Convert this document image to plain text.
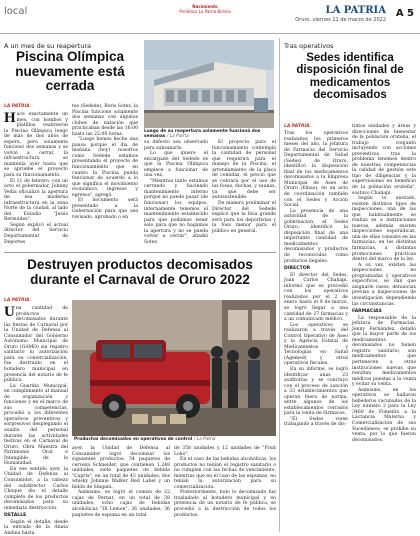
local	Nacimiento
Periódico La Patria Bolivia	LA PATRIA
Oruro, viernes 11 de marzo de 2022
A 5
A un mes de su reapertura
Piscina Olímpica
nuevamente está
cerrada
Luego de su reapertura solamente funcionó dos semanas / La Patria
LA PATRIA

Hace exactamente un mes, con bombos y platillos, reabrieron la Piscina Olímpica luego de más de dos años de espera, pero solamente funcionó dos semanas y se volvió a cerrar, la infraestructura se mantenía ayer hasta que se apruebe el proyecto para su funcionamiento.

El 11 de febrero, con un acto el gobernador, Johnny Vedia oficializó la apertura de esa moderna infraestructura en la zona Norte de la ciudad, al lado del Estadio "Jesús Bermúdez".

Según explicó el actual director del Servicio Departamental de Deportes

tes (Sedede), Boris Sotez, la Piscina funcionó solamente dos semanas con algunos clubes de natación que practicaban desde las 16:00 hasta las 22:00 horas.

"Luego hemos hecho una pausa porque el día de mañana (hoy) nosotros como Sedede estamos presentando el proyecto de funcionamiento que en cuanto la Piscina pueda funcionar de acuerdo a lo que significa el movimiento económico, ingresos y egresos", agregó.

El documento será presentado a la Gobernación para que sea revisado, aprobado o en

su defecto sea observado para subsanarlo.

Lo que quiere el encargado del Sedede es que la Piscina Olímpica empiece a funcionar de una vez.

"Mientras tanto estamos cerrando y haciendo mantenimiento interno porque no puede pasar (de funcionar) los equipos, internamente tenemos el mantenimiento establecido para que podamos tener solo para que no hagamos la apertura y no se pueda volver a cerrar", añadió Sotez.

El proyecto para el funcionamiento contempla la cantidad de personal que requerirá para el manejo de la Piscina, el arrendamiento de la placa de comidas, el precio que se cobrará por el uso de las fosas, duchas, y saunas, ya que debe ser autosostenible.

De manera preliminar el Director del Sedede explicó que la fosa grande será para los deportistas y la fosa menor para el público en general.

Tras operativos
Sedes identifica
disposición final de
medicamentos
decomisados
LA PATRIA

Tras los operativos realizados los primeros meses del año, la jefatura de Farmacia del Servicio Departamental de Salud (Sedes) de Oruro, identificó la disposición final de los medicamentos decomisados a la Empresa Municipal de Aseo de Oruro (Emao), en un acto de coordinación también con el Sedes y Acción Social.

La presencia de una autoridad de la gobernación, el Sedes Oruro, identificó la disposición final de una importante cantidad de medicamentos decomisados y productos de reconocidos como productos ilegales.

DIRECTOR

El director del Sedes, Juan Carlos Chaliapi, informó que se procedió con los operativos realizados por el 2 de enero hasta el 9 de marzo, se logró llegar a una cantidad de 27 farmacias y a un comunicado médico.

Los operativos se realizaron a través del Control Operativo de Aseo y la Agencia Estatal de Medicamentos y Tecnologías en Salud (Agemed) y otros operativos fiscales.

En su informe, se logró identificar unas 23 auditorías y se concluyó con el proceso de sanción a 33 establecimientos que operan fuera de norma, entre algunos de los establecimientos cerrados para la venta de fármacos.

"El Sedes viene trabajando a través de dis-

tintos unidades y áreas y direcciones de bienestar de la población oruteña, el trabajo conjunto incluyendo con acciones preventivas tras la problema tenemos dentro de nuestras competencias la calidad de gestión este tipo de diligencias y la supervisiones en beneficio de la población oruteña", sostuvo Chaliapi.

Según lo anotado, existen distintos tipos de inspecciones, una de las que habitualmente se realiza es a instituciones nuevas, además existen inspecciones esporádicas, una de ellas consiste en las farmacias, en las distintas farmacias, a distintas promociones prácticas dentro del marco de la ley.

A su vez, existen las inspecciones no programadas y operativos específicos, se dan que asignarle casos, denuncias previas a inspecciones de investigación dependiendo las circunstancias.

FARMACIAS

La responsable de la jefatura de Farmacias, Jenny Fernández, detalló que la mayor parte de los medicamentos decomisados no tienen registro sanitario, son medicamentos que pertenecen a otras instituciones nuevas que resultan medicamentos médicos puestas a la venta y evitar su venta.

Asimismo, en los operativos se hallaron bebederos vacunados de la Ley número 2 para la Ley 3460 de Fomento a la Lactancia Materna y Comercialización de sus Sucedáneos, se prohíbe su venta, por lo que fueron decomisados.

Destruyen productos decomisados
durante el Carnaval de Oruro 2022
LA PATRIA

Una cantidad de productos decomisados durante las fiestas de Carnaval por la Unidad de Defensa al Consumidor del Gobierno Autónomo Municipal de Oruro (GAMO) sin registro sanitario ni autorización para su comercialización, fue destruido en el botadero municipal en presencia del notario de fe pública.

La Guardia Municipal, en cumplimiento al manual de organización y funciones y en el marco de sus competencias, procedió a los diferentes operativos preventivos y sorpresivos desplegando el auxilio del personal durante las actividades festivas en el Carnaval de Oruro, Obra Maestra del Patrimonio Oral e Intangible de la Humanidad.

En ese sentido ayer, la Unidad de Defensa al Consumidor, a la cabeza del subdirector Carlos Choque dio el detalle completo de los productos decomisados para su inmediata destrucción.

DETALLE

Según el detalle, desde la entrada de la Anata Andina hasta

Productos decomisados en operativos de control / La Patria

ayer, la Unidad de Defensa al Consumidor logró decomisar los siguientes productos: 54 paquetes de cerveza Schneider, que contienen 1.248 unidades; siete paquetes de bebida "Caprix", en un total de 43 unidades; dos whisky Johnnie Walker Red Label y un bidón de Singani.

Asimismo, se logró el comiso de 22 cajas de Pernat, en un total de 38 unidades; ocho cajas de bebidas alcohólicas "Di Lemon", 36 unidades; 36 paquetes de espuma en un total

de 358 unidades y 12 unidades de "Fruit Loko".

En el caso de las bebidas alcohólicas, los productos no tenían el registro sanitario o no cumplen con las fechas de vencimiento, mientras que en el caso de las espumas, no tenían la autorización para su comercialización.

Posteriormente, todo lo decomisado fue trasladado al botadero municipal y en presencia de un notario de fe pública, se procedió a la destrucción de todos los productos.
